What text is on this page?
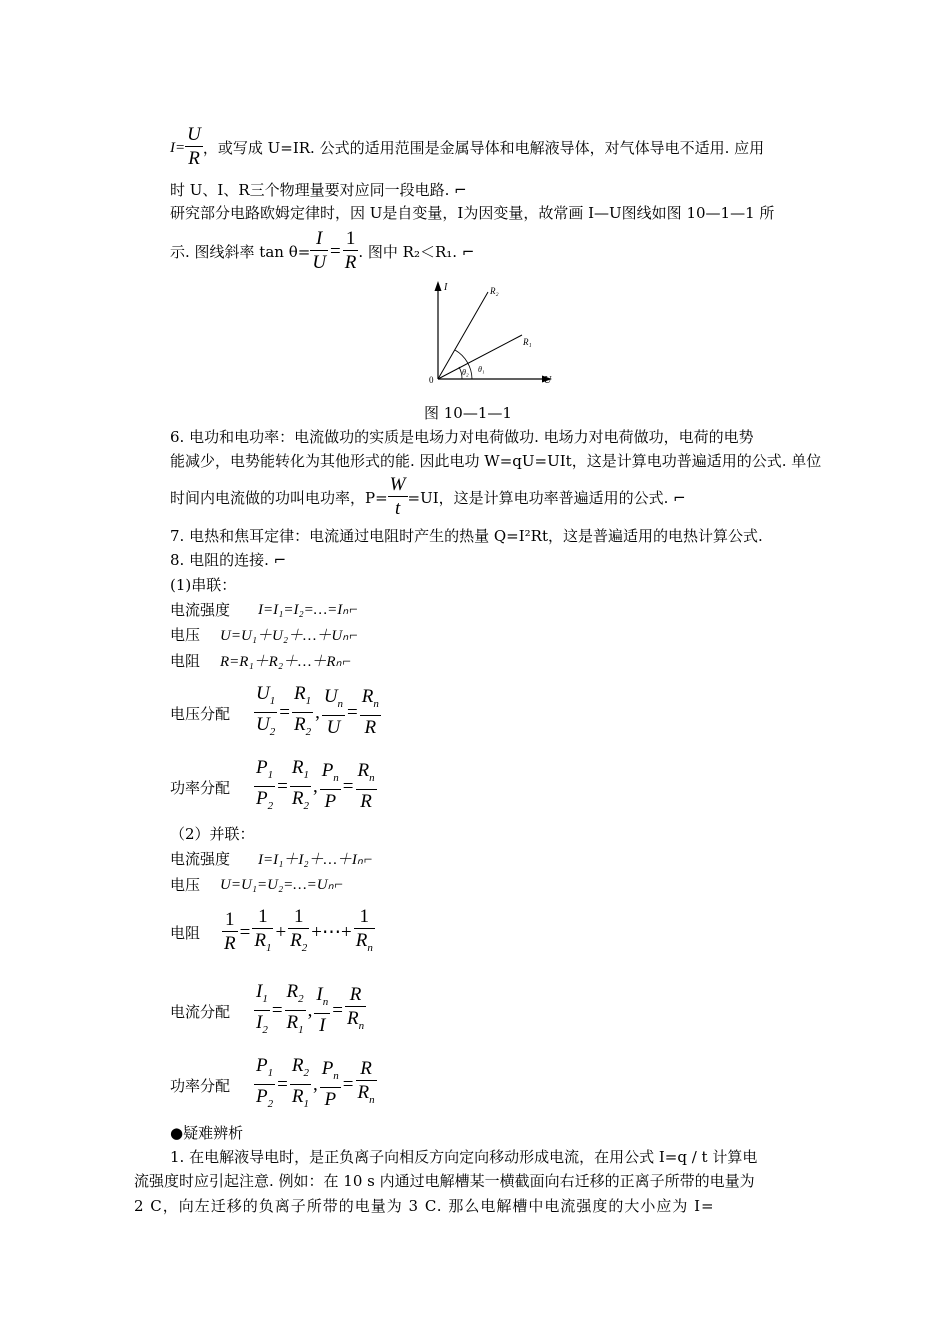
$I= \frac{U}{R}$ ，或写成 U=IR. 公式的适用范围是金属导体和电解液导体，对气体导电不适用. 应用
时 U、I、R三个物理量要对应同一段电路. ⌐
研究部分电路欧姆定律时，因 U是自变量，I为因变量，故常画 I—U图线如图 10—1—1 所
示. 图线斜率 $\tan \theta= \frac{I}{U} = \frac{1}{R}$ . 图中 R₂＜R₁. ⌐
I
U
0
R₂
R₁
θ₂ θ₁
图 10—1—1
6. 电功和电功率：电流做功的实质是电场力对电荷做功. 电场力对电荷做功，电荷的电势
能减少，电势能转化为其他形式的能. 因此电功 W=qU=UIt，这是计算电功普遍适用的公式. 单位
时间内电流做的功叫电功率，$P= \frac{W}{t} =UI$，这是计算电功率普遍适用的公式. ⌐
7. 电热和焦耳定律：电流通过电阻时产生的热量 Q=I²Rt，这是普遍适用的电热计算公式.
8. 电阻的连接. ⌐
(1)串联：
电流强度	I=I₁=I₂=…=Iₙ⌐
电压	U=U₁＋U₂＋…＋Uₙ⌐
电阻	R=R₁＋R₂＋…＋Rₙ⌐
电压分配	$\frac{U_1}{U_2} = \frac{R_1}{R_2}$ , $\frac{U_n}{U} = \frac{R_n}{R}$
功率分配	$\frac{P_1}{P_2} = \frac{R_1}{R_2}$ , $\frac{P_n}{P} = \frac{R_n}{R}$
（2）并联：
电流强度	I=I₁＋I₂＋…＋Iₙ⌐
电压	U=U₁=U₂=…=Uₙ⌐
电阻	$\frac{1}{R} = \frac{1}{R_1} + \frac{1}{R_2}$ +⋯+ $\frac{1}{R_n}$
电流分配	$\frac{I_1}{I_2} = \frac{R_2}{R_1}$ , $\frac{I_n}{I} = \frac{R}{R_n}$
功率分配	$\frac{P_1}{P_2} = \frac{R_2}{R_1}$ , $\frac{P_n}{P} = \frac{R}{R_n}$
●疑难辨析
1. 在电解液导电时，是正负离子向相反方向定向移动形成电流，在用公式 I=q / t 计算电
流强度时应引起注意. 例如：在 10 s 内通过电解槽某一横截面向右迁移的正离子所带的电量为
2 C，向左迁移的负离子所带的电量为 3 C. 那么电解槽中电流强度的大小应为 I=
